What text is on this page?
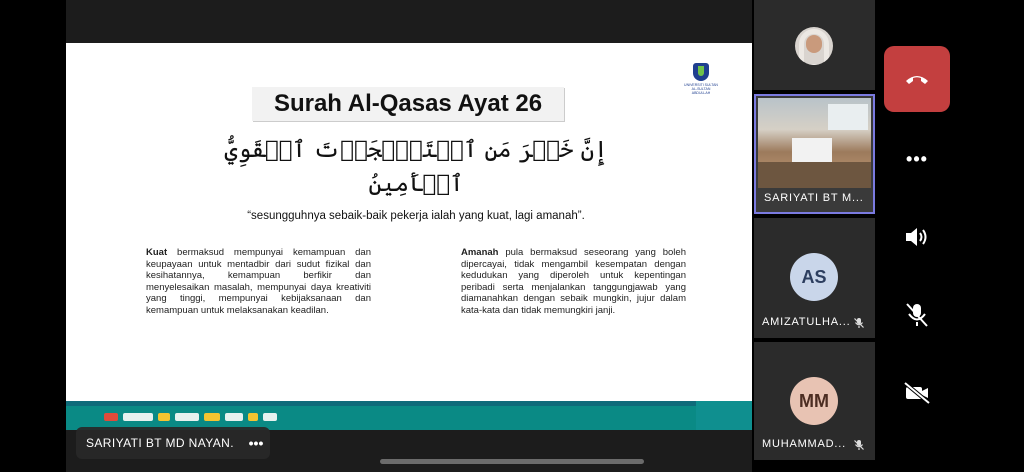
UNIVERSITI SULTAN
AL-SULTAN ABDULLAH
Surah Al-Qasas Ayat 26
إِنَّ خَيۡرَ مَنِ ٱسۡتَـٔۡجَرۡتَ ٱلۡقَوِيُّ
ٱلۡأَمِينُ
“sesungguhnya sebaik-baik pekerja ialah yang kuat, lagi amanah”.
Kuat bermaksud mempunyai kemampuan dan keupayaan untuk mentadbir dari sudut fizikal dan kesihatannya, kemampuan berfikir dan menyelesaikan masalah, mempunyai daya kreativiti yang tinggi, mempunyai kebijaksanaan dan kemampuan untuk melaksanakan keadilan.
Amanah pula bermaksud seseorang yang boleh dipercayai, tidak mengambil kesempatan dengan kedudukan yang diperoleh untuk kepentingan peribadi serta menjalankan tanggungjawab yang diamanahkan dengan sebaik mungkin, jujur dalam kata-kata dan tidak memungkiri janji.
SARIYATI BT MD NAYAN.	•••
SARIYATI BT M...
AS
AMIZATULHA...
MM
MUHAMMAD...
•••
